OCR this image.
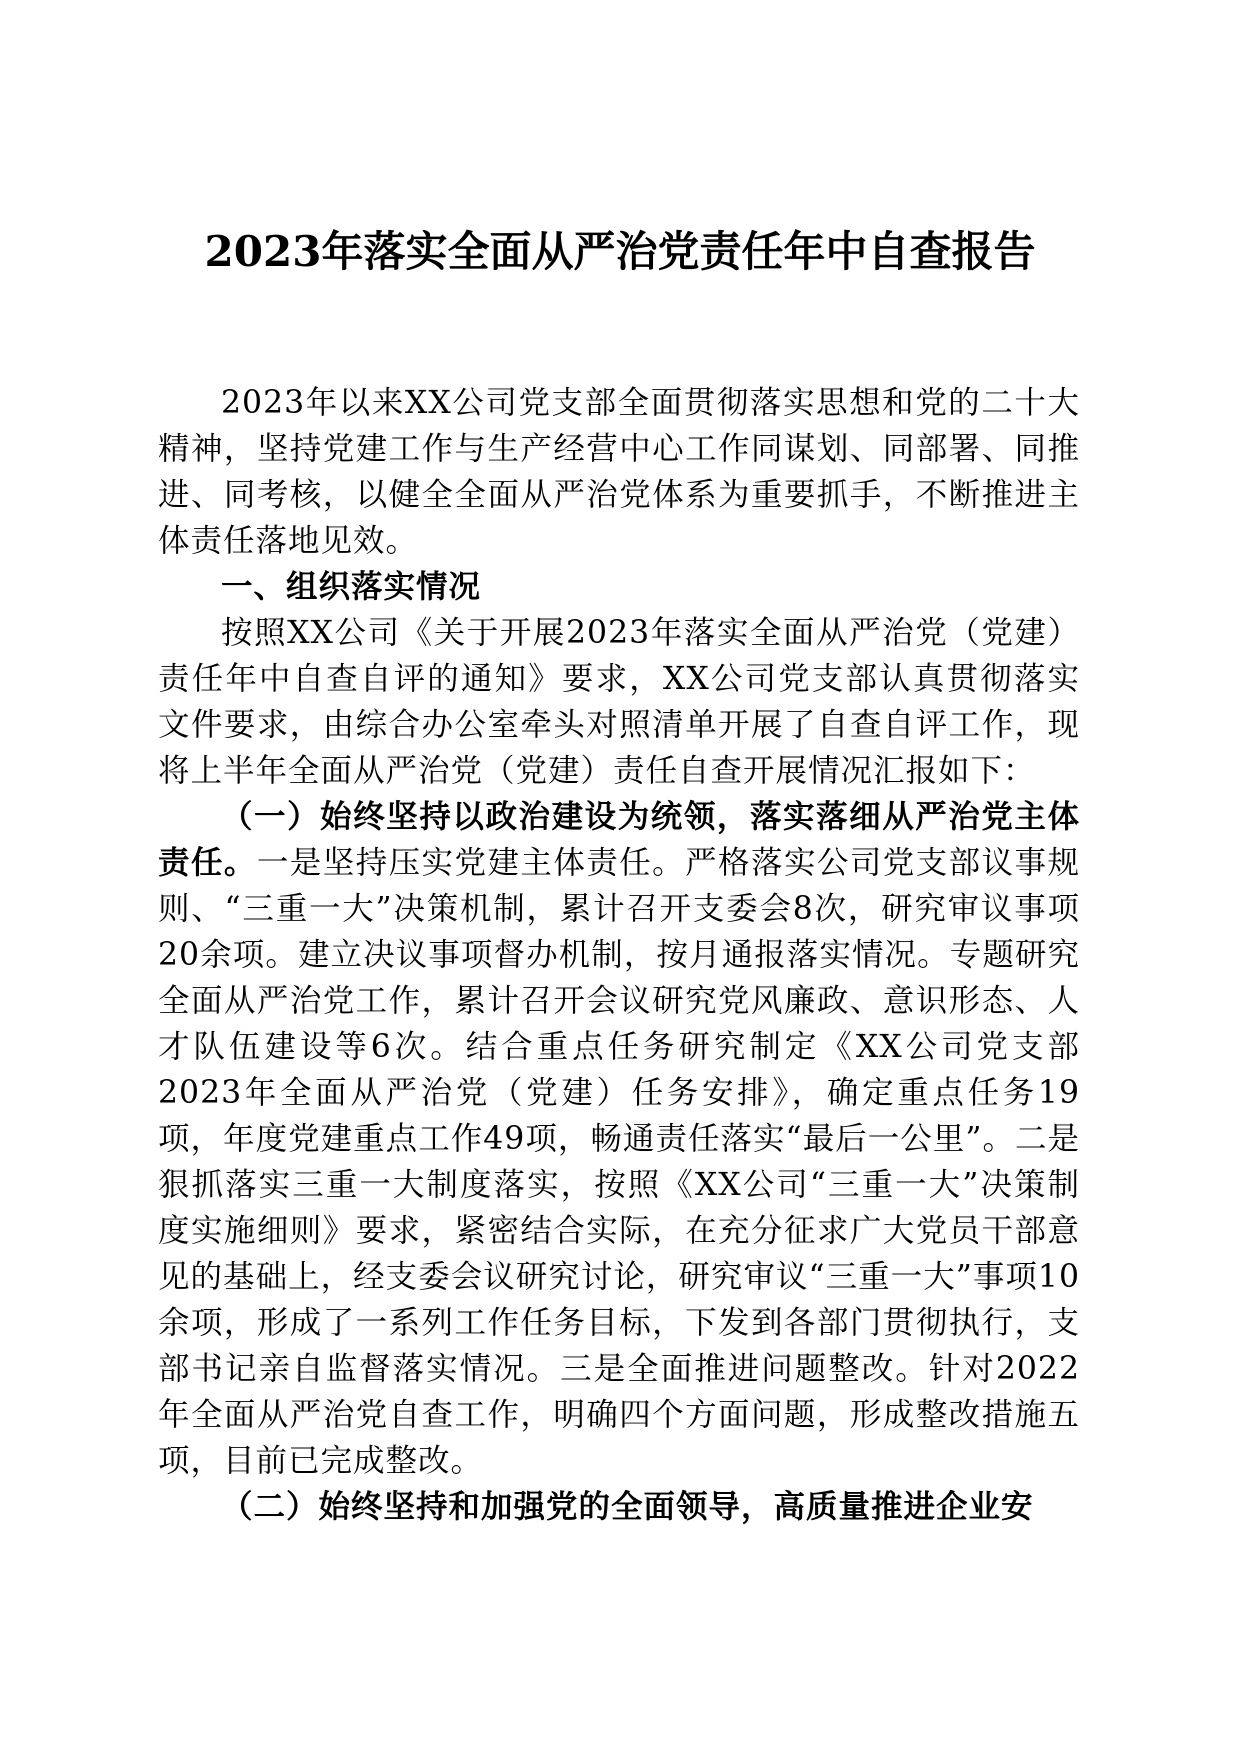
2023年落实全面从严治党责任年中自查报告

2023年以来XX公司党支部全面贯彻落实思想和党的二十大精神，坚持党建工作与生产经营中心工作同谋划、同部署、同推进、同考核，以健全全面从严治党体系为重要抓手，不断推进主体责任落地见效。

一、组织落实情况

按照XX公司《关于开展2023年落实全面从严治党（党建）责任年中自查自评的通知》要求，XX公司党支部认真贯彻落实文件要求，由综合办公室牵头对照清单开展了自查自评工作，现将上半年全面从严治党（党建）责任自查开展情况汇报如下：

（一）始终坚持以政治建设为统领，落实落细从严治党主体责任。一是坚持压实党建主体责任。严格落实公司党支部议事规则、“三重一大”决策机制，累计召开支委会8次，研究审议事项20余项。建立决议事项督办机制，按月通报落实情况。专题研究全面从严治党工作，累计召开会议研究党风廉政、意识形态、人才队伍建设等6次。结合重点任务研究制定《XX公司党支部2023年全面从严治党（党建）任务安排》，确定重点任务19项，年度党建重点工作49项，畅通责任落实“最后一公里”。二是狠抓落实三重一大制度落实，按照《XX公司“三重一大”决策制度实施细则》要求，紧密结合实际，在充分征求广大党员干部意见的基础上，经支委会议研究讨论，研究审议“三重一大”事项10余项，形成了一系列工作任务目标，下发到各部门贯彻执行，支部书记亲自监督落实情况。三是全面推进问题整改。针对2022年全面从严治党自查工作，明确四个方面问题，形成整改措施五项，目前已完成整改。

（二）始终坚持和加强党的全面领导，高质量推进企业安
